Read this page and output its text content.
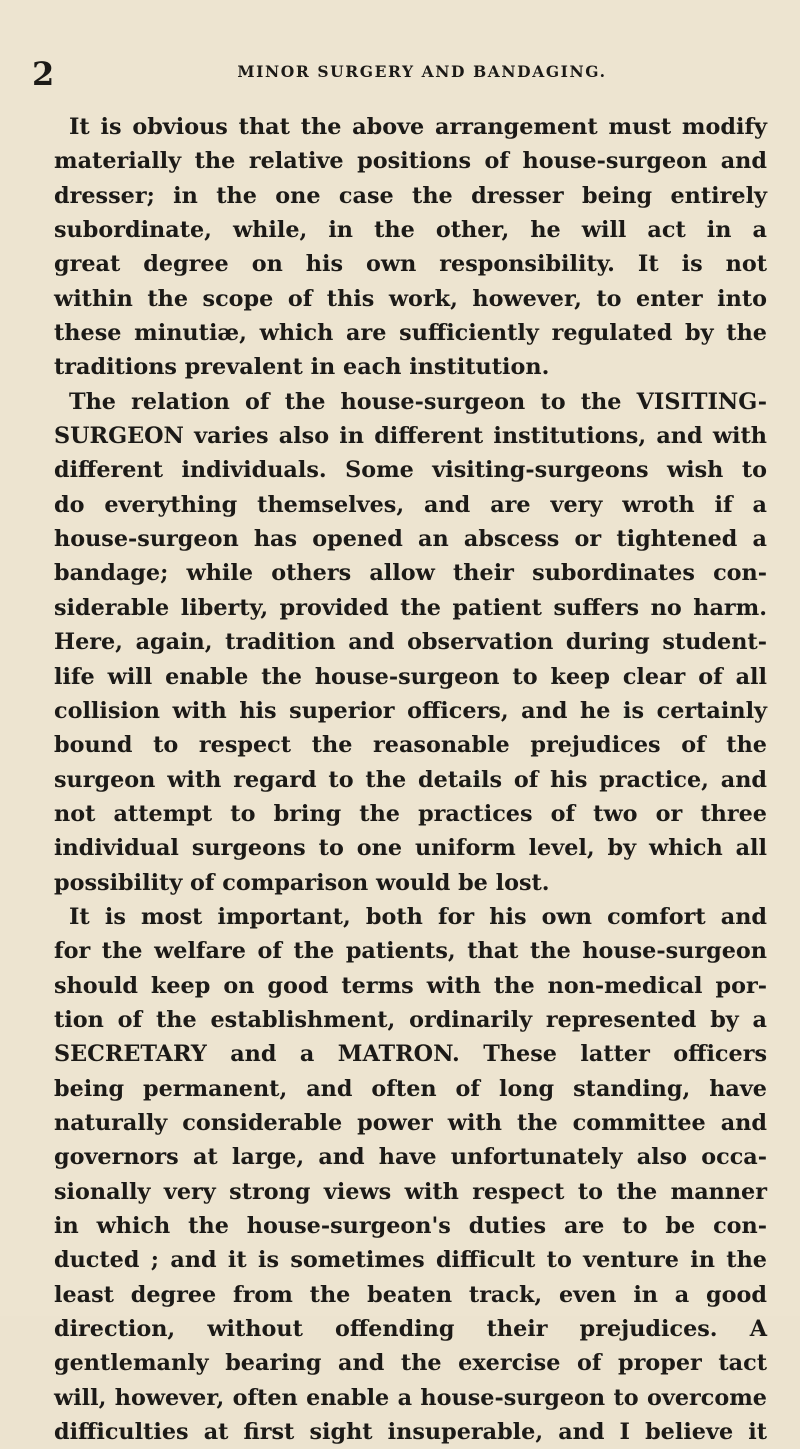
2	MINOR SURGERY AND BANDAGING.
It is obvious that the above arrangement must modify
materially the relative positions of house-surgeon and
dresser; in the one case the dresser being entirely
subordinate, while, in the other, he will act in a
great degree on his own responsibility. It is not
within the scope of this work, however, to enter into
these minutiæ, which are sufficiently regulated by the
traditions prevalent in each institution.
The relation of the house-surgeon to the VISITING-
SURGEON varies also in different institutions, and with
different individuals. Some visiting-surgeons wish to
do everything themselves, and are very wroth if a
house-surgeon has opened an abscess or tightened a
bandage; while others allow their subordinates con-
siderable liberty, provided the patient suffers no harm.
Here, again, tradition and observation during student-
life will enable the house-surgeon to keep clear of all
collision with his superior officers, and he is certainly
bound to respect the reasonable prejudices of the
surgeon with regard to the details of his practice, and
not attempt to bring the practices of two or three
individual surgeons to one uniform level, by which all
possibility of comparison would be lost.
It is most important, both for his own comfort and
for the welfare of the patients, that the house-surgeon
should keep on good terms with the non-medical por-
tion of the establishment, ordinarily represented by a
SECRETARY and a MATRON. These latter officers
being permanent, and often of long standing, have
naturally considerable power with the committee and
governors at large, and have unfortunately also occa-
sionally very strong views with respect to the manner
in which the house-surgeon's duties are to be con-
ducted ; and it is sometimes difficult to venture in the
least degree from the beaten track, even in a good
direction, without offending their prejudices. A
gentlemanly bearing and the exercise of proper tact
will, however, often enable a house-surgeon to overcome
difficulties at first sight insuperable, and I believe it
